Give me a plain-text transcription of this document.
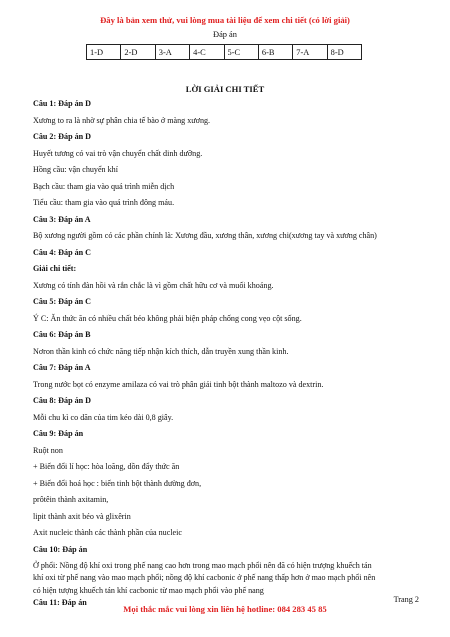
Đây là bản xem thử, vui lòng mua tài liệu để xem chi tiết (có lời giải)
Đáp án
1-D	2-D	3-A	4-C	5-C	6-B	7-A	8-D
LỜI GIẢI CHI TIẾT

Câu 1: Đáp án D

Xương to ra là nhờ sự phân chia tế bào ở màng xương.

Câu 2: Đáp án D

Huyết tương có vai trò vận chuyển chất dinh dưỡng.

Hồng cầu: vận chuyển khí

Bạch cầu: tham gia vào quá trình miễn dịch

Tiểu cầu: tham gia vào quá trình đông máu.

Câu 3: Đáp án A

Bộ xương người gồm có các phần chính là: Xương đầu, xương thân, xương chi(xương tay và xương chân)

Câu 4: Đáp án C

Giải chi tiết:

Xương có tính đàn hồi và rắn chắc là vì gồm chất hữu cơ và muối khoáng.

Câu 5: Đáp án C

Ý C: Ăn thức ăn có nhiều chất béo không phải biện pháp chống cong vẹo cột sống.

Câu 6: Đáp án B

Nơron thần kinh có chức năng tiếp nhận kích thích, dẫn truyền xung thần kinh.

Câu 7: Đáp án A

Trong nước bọt có enzyme amilaza có vai trò phân giải tinh bột thành maltozo và dextrin.

Câu 8: Đáp án D

Mỗi chu kì co dãn của tim kéo dài 0,8 giây.

Câu 9: Đáp án

Ruột non

+ Biến đổi lí học: hòa loãng, dồn đẩy thức ăn

+ Biến đổi hoá học : biến tinh bột thành đường đơn,

prôtêin thành axitamin,

lipit thành axit béo và glixêrin

Axit nucleic thành các thành phần của nucleic

Câu 10: Đáp án

Ở phổi: Nồng độ khí oxi trong phế nang cao hơn trong mao mạch phổi nên đã có hiện trượng khuếch tán

khí oxi từ phế nang vào mao mạch phổi; nồng độ khí cacbonic ở phế nang thấp hơn ở mao mạch phổi nên

có hiện tượng khuếch tán khí cacbonic từ mao mạch phổi vào phế nang

Câu 11: Đáp án	Trang 2
Mọi thắc mắc vui lòng xin liên hệ hotline: 084 283 45 85
